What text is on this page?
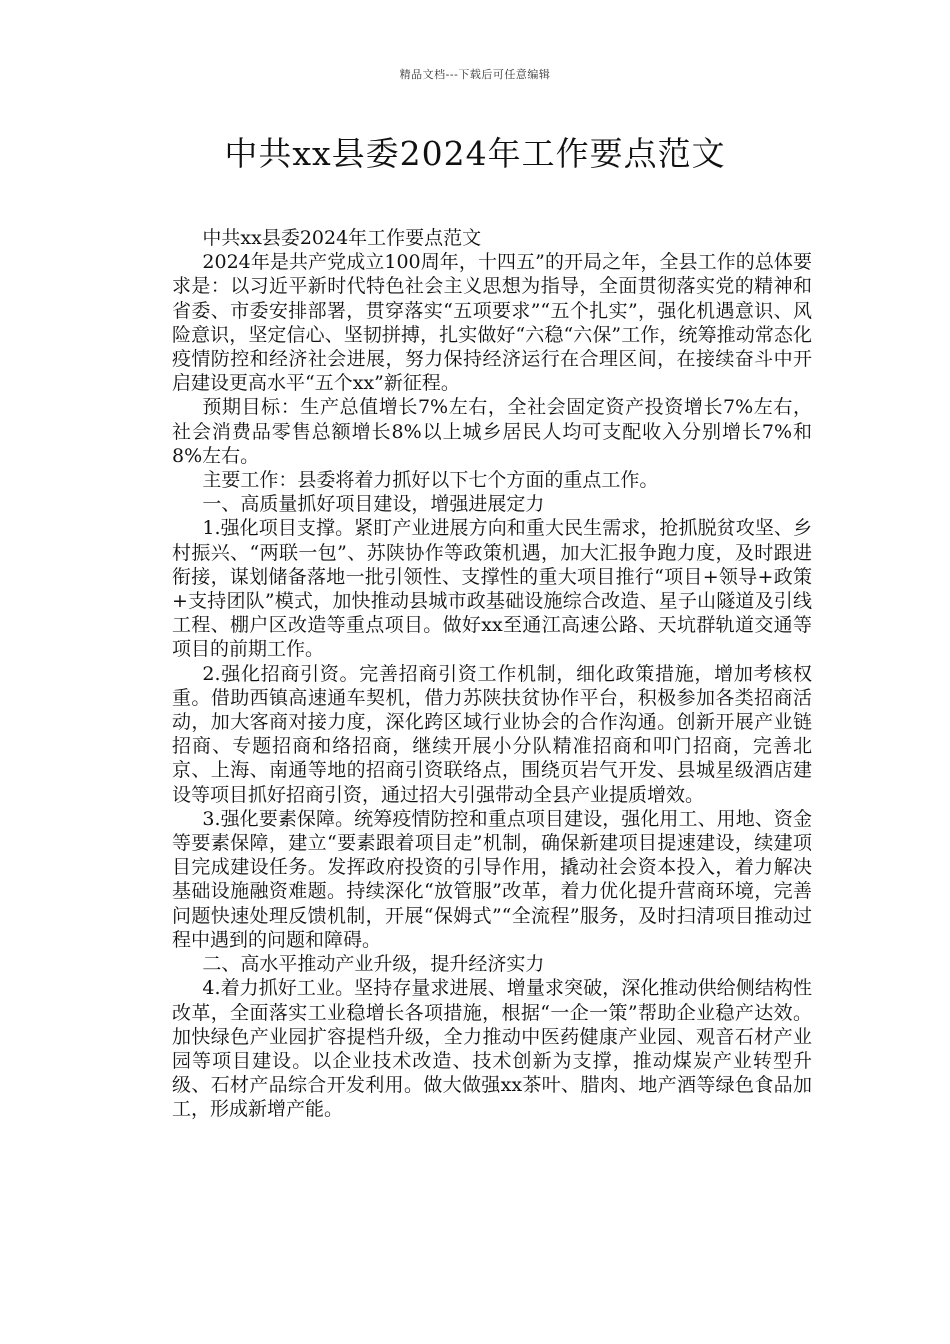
精品文档---下载后可任意编辑
中共xx县委2024年工作要点范文

中共xx县委2024年工作要点范文

2024年是共产党成立100周年，十四五”的开局之年，全县工作的总体要求是：以习近平新时代特色社会主义思想为指导，全面贯彻落实党的精神和省委、市委安排部署，贯穿落实“五项要求”“五个扎实”，强化机遇意识、风险意识，坚定信心、坚韧拼搏，扎实做好“六稳“六保”工作，统筹推动常态化疫情防控和经济社会进展，努力保持经济运行在合理区间，在接续奋斗中开启建设更高水平“五个xx”新征程。

预期目标：生产总值增长7%左右，全社会固定资产投资增长7%左右，社会消费品零售总额增长8%以上城乡居民人均可支配收入分别增长7%和8%左右。

主要工作：县委将着力抓好以下七个方面的重点工作。

一、高质量抓好项目建设，增强进展定力

1.强化项目支撑。紧盯产业进展方向和重大民生需求，抢抓脱贫攻坚、乡村振兴、“两联一包”、苏陕协作等政策机遇，加大汇报争跑力度，及时跟进衔接，谋划储备落地一批引领性、支撑性的重大项目推行“项目+领导+政策+支持团队”模式，加快推动县城市政基础设施综合改造、星子山隧道及引线工程、棚户区改造等重点项目。做好xx至通江高速公路、天坑群轨道交通等项目的前期工作。

2.强化招商引资。完善招商引资工作机制，细化政策措施，增加考核权重。借助西镇高速通车契机，借力苏陕扶贫协作平台，积极参加各类招商活动，加大客商对接力度，深化跨区域行业协会的合作沟通。创新开展产业链招商、专题招商和络招商，继续开展小分队精准招商和叩门招商，完善北京、上海、南通等地的招商引资联络点，围绕页岩气开发、县城星级酒店建设等项目抓好招商引资，通过招大引强带动全县产业提质增效。

3.强化要素保障。统筹疫情防控和重点项目建设，强化用工、用地、资金等要素保障，建立“要素跟着项目走”机制，确保新建项目提速建设，续建项目完成建设任务。发挥政府投资的引导作用，撬动社会资本投入，着力解决基础设施融资难题。持续深化“放管服”改革，着力优化提升营商环境，完善问题快速处理反馈机制，开展“保姆式”“全流程”服务，及时扫清项目推动过程中遇到的问题和障碍。

二、高水平推动产业升级，提升经济实力

4.着力抓好工业。坚持存量求进展、增量求突破，深化推动供给侧结构性改革，全面落实工业稳增长各项措施，根据“一企一策”帮助企业稳产达效。加快绿色产业园扩容提档升级，全力推动中医药健康产业园、观音石材产业园等项目建设。以企业技术改造、技术创新为支撑，推动煤炭产业转型升级、石材产品综合开发利用。做大做强xx茶叶、腊肉、地产酒等绿色食品加工，形成新增产能。
